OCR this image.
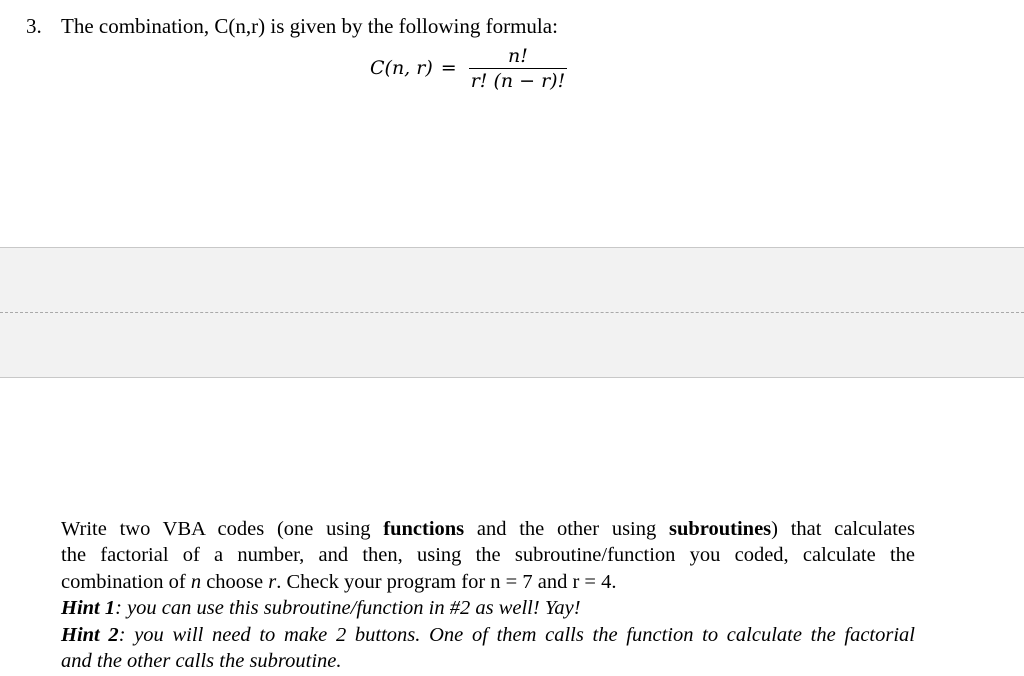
3. The combination, C(n,r) is given by the following formula:
C(n, $r) = \frac{n!}{r! (n - r)!}$

Write two VBA codes (one using functions and the other using subroutines) that calculates

the factorial of a number, and then, using the subroutine/function you coded, calculate the

combination of n choose r. Check your program for n = 7 and r = 4.

Hint 1: you can use this subroutine/function in #2 as well! Yay!

Hint 2: you will need to make 2 buttons. One of them calls the function to calculate the factorial

and the other calls the subroutine.
